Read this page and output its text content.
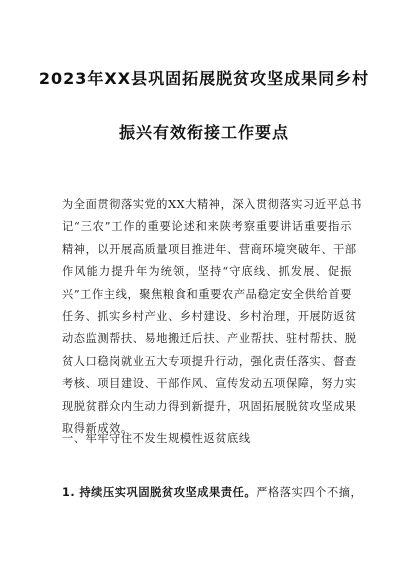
2023年XX县巩固拓展脱贫攻坚成果同乡村
振兴有效衔接工作要点
为全面贯彻落实党的XX大精神，深入贯彻落实习近平总书
记“三农”工作的重要论述和来陕考察重要讲话重要指示
精神，以开展高质量项目推进年、营商环境突破年、干部
作风能力提升年为统领，坚持“守底线、抓发展、促振
兴”工作主线，聚焦粮食和重要农产品稳定安全供给首要
任务、抓实乡村产业、乡村建设、乡村治理，开展防返贫
动态监测帮扶、易地搬迁后扶、产业帮扶、驻村帮扶、脱
贫人口稳岗就业五大专项提升行动，强化责任落实、督查
考核、项目建设、干部作风、宣传发动五项保障，努力实
现脱贫群众内生动力得到新提升，巩固拓展脱贫攻坚成果
取得新成效。
一、牢牢守住不发生规模性返贫底线
1. 持续压实巩固脱贫攻坚成果责任。严格落实四个不摘，
